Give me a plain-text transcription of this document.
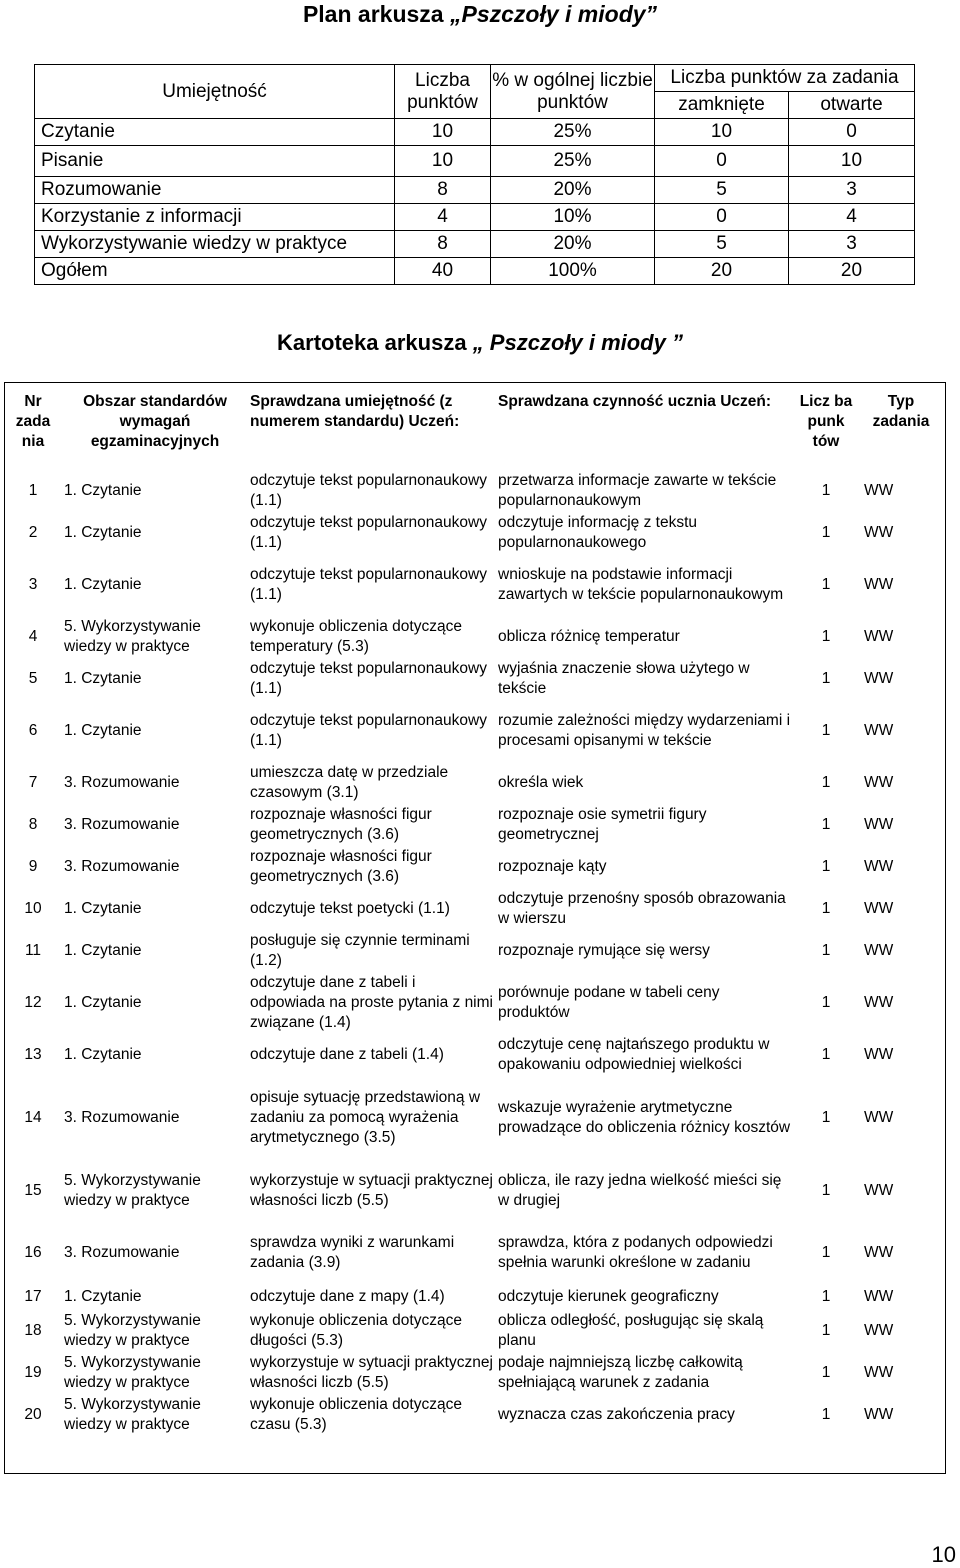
Plan arkusza „Pszczoły i miody”
Umiejętność	Liczba punktów	% w ogólnej liczbie punktów	Liczba punktów za zadania	
			zamknięte	otwarte
Czytanie	10	25%	10	0
Pisanie	10	25%	0	10
Rozumowanie	8	20%	5	3
Korzystanie z informacji	4	10%	0	4
Wykorzystywanie wiedzy w praktyce	8	20%	5	3
Ogółem	40	100%	20	20
Kartoteka arkusza „ Pszczoły i miody ”
Nr zada nia	Obszar standardów wymagań egzaminacyjnych	Sprawdzana umiejętność (z numerem standardu) Uczeń:	Sprawdzana czynność ucznia Uczeń:	Licz ba punk tów	Typ zadania
1	1. Czytanie	odczytuje tekst popularnonaukowy (1.1)	przetwarza informacje zawarte w tekście popularnonaukowym	1	WW
2	1. Czytanie	odczytuje tekst popularnonaukowy (1.1)	odczytuje informację z tekstu popularnonaukowego	1	WW
3	1. Czytanie	odczytuje tekst popularnonaukowy (1.1)	wnioskuje na podstawie informacji zawartych w tekście popularnonaukowym	1	WW
4	5. Wykorzystywanie wiedzy w praktyce	wykonuje obliczenia dotyczące temperatury (5.3)	oblicza różnicę temperatur	1	WW
5	1. Czytanie	odczytuje tekst popularnonaukowy (1.1)	wyjaśnia znaczenie słowa użytego w tekście	1	WW
6	1. Czytanie	odczytuje tekst popularnonaukowy (1.1)	rozumie zależności między wydarzeniami i procesami opisanymi w tekście	1	WW
7	3. Rozumowanie	umieszcza datę w przedziale czasowym (3.1)	określa wiek	1	WW
8	3. Rozumowanie	rozpoznaje własności figur geometrycznych (3.6)	rozpoznaje osie symetrii figury geometrycznej	1	WW
9	3. Rozumowanie	rozpoznaje własności figur geometrycznych (3.6)	rozpoznaje kąty	1	WW
10	1. Czytanie	odczytuje tekst poetycki (1.1)	odczytuje przenośny sposób obrazowania w wierszu	1	WW
11	1. Czytanie	posługuje się czynnie terminami (1.2)	rozpoznaje rymujące się wersy	1	WW
12	1. Czytanie	odczytuje dane z tabeli i odpowiada na proste pytania z nimi związane (1.4)	porównuje podane w tabeli ceny produktów	1	WW
13	1. Czytanie	odczytuje dane z tabeli (1.4)	odczytuje cenę najtańszego produktu w opakowaniu odpowiedniej wielkości	1	WW
14	3. Rozumowanie	opisuje sytuację przedstawioną w zadaniu za pomocą wyrażenia arytmetycznego (3.5)	wskazuje wyrażenie arytmetyczne prowadzące do obliczenia różnicy kosztów	1	WW
15	5. Wykorzystywanie wiedzy w praktyce	wykorzystuje w sytuacji praktycznej własności liczb (5.5)	oblicza, ile razy jedna wielkość mieści się w drugiej	1	WW
16	3. Rozumowanie	sprawdza wyniki z warunkami zadania (3.9)	sprawdza, która z podanych odpowiedzi spełnia warunki określone w zadaniu	1	WW
17	1. Czytanie	odczytuje dane z mapy (1.4)	odczytuje kierunek geograficzny	1	WW
18	5. Wykorzystywanie wiedzy w praktyce	wykonuje obliczenia dotyczące długości (5.3)	oblicza odległość, posługując się skalą planu	1	WW
19	5. Wykorzystywanie wiedzy w praktyce	wykorzystuje w sytuacji praktycznej własności liczb (5.5)	podaje najmniejszą liczbę całkowitą spełniającą warunek z zadania	1	WW
20	5. Wykorzystywanie wiedzy w praktyce	wykonuje obliczenia dotyczące czasu (5.3)	wyznacza czas zakończenia pracy	1	WW
10
